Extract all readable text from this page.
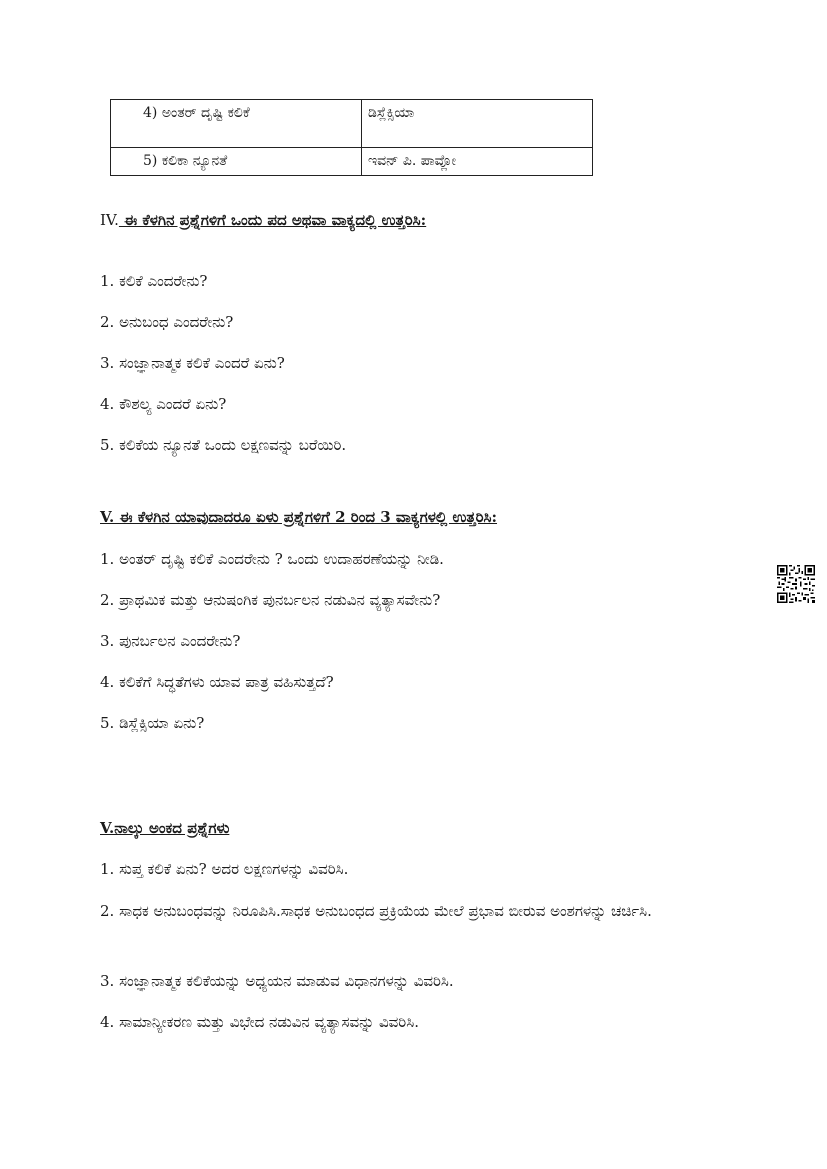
4) ಅಂತರ್ ದೃಷ್ಟಿ ಕಲಿಕೆ	ಡಿಸ್ಲೆಕ್ಸಿಯಾ

5) ಕಲಿಕಾ ನ್ಯೂನತೆ	ಇವನ್ ಪಿ. ಪಾವ್ಲೋ
IV. ಈ ಕೆಳಗಿನ ಪ್ರಶ್ನೆಗಳಿಗೆ ಒಂದು ಪದ ಅಥವಾ ವಾಕ್ಯದಲ್ಲಿ ಉತ್ತರಿಸಿ:
1. ಕಲಿಕೆ ಎಂದರೇನು?
2. ಅನುಬಂಧ ಎಂದರೇನು?
3. ಸಂಜ್ಞಾನಾತ್ಮಕ ಕಲಿಕೆ ಎಂದರೆ ಏನು?
4. ಕೌಶಲ್ಯ ಎಂದರೆ ಏನು?
5. ಕಲಿಕೆಯ ನ್ಯೂನತೆ ಒಂದು ಲಕ್ಷಣವನ್ನು ಬರೆಯಿರಿ.
V. ಈ ಕೆಳಗಿನ ಯಾವುದಾದರೂ ಏಳು ಪ್ರಶ್ನೆಗಳಿಗೆ 2 ರಿಂದ 3 ವಾಕ್ಯಗಳಲ್ಲಿ ಉತ್ತರಿಸಿ:
1. ಅಂತರ್ ದೃಷ್ಟಿ ಕಲಿಕೆ ಎಂದರೇನು ? ಒಂದು ಉದಾಹರಣೆಯನ್ನು ನೀಡಿ.
2. ಪ್ರಾಥಮಿಕ ಮತ್ತು ಆನುಷಂಗಿಕ ಪುನರ್ಬಲನ ನಡುವಿನ ವ್ಯತ್ಯಾಸವೇನು?
3. ಪುನರ್ಬಲನ ಎಂದರೇನು?
4. ಕಲಿಕೆಗೆ ಸಿದ್ಧತೆಗಳು ಯಾವ ಪಾತ್ರ ವಹಿಸುತ್ತದೆ?
5. ಡಿಸ್ಲೆಕ್ಸಿಯಾ ಏನು?
V.ನಾಲ್ಕು ಅಂಕದ ಪ್ರಶ್ನೆಗಳು
1. ಸುಪ್ತ ಕಲಿಕೆ ಏನು? ಅದರ ಲಕ್ಷಣಗಳನ್ನು ವಿವರಿಸಿ.
2. ಸಾಧಕ ಅನುಬಂಧವನ್ನು ನಿರೂಪಿಸಿ.ಸಾಧಕ ಅನುಬಂಧದ ಪ್ರಕ್ರಿಯೆಯ ಮೇಲೆ ಪ್ರಭಾವ ಬೀರುವ ಅಂಶಗಳನ್ನು ಚರ್ಚಿಸಿ.
3. ಸಂಜ್ಞಾನಾತ್ಮಕ ಕಲಿಕೆಯನ್ನು ಅಧ್ಯಯನ ಮಾಡುವ ವಿಧಾನಗಳನ್ನು ವಿವರಿಸಿ.
4. ಸಾಮಾನ್ಯೀಕರಣ ಮತ್ತು ವಿಭೇದ ನಡುವಿನ ವ್ಯತ್ಯಾಸವನ್ನು ವಿವರಿಸಿ.
